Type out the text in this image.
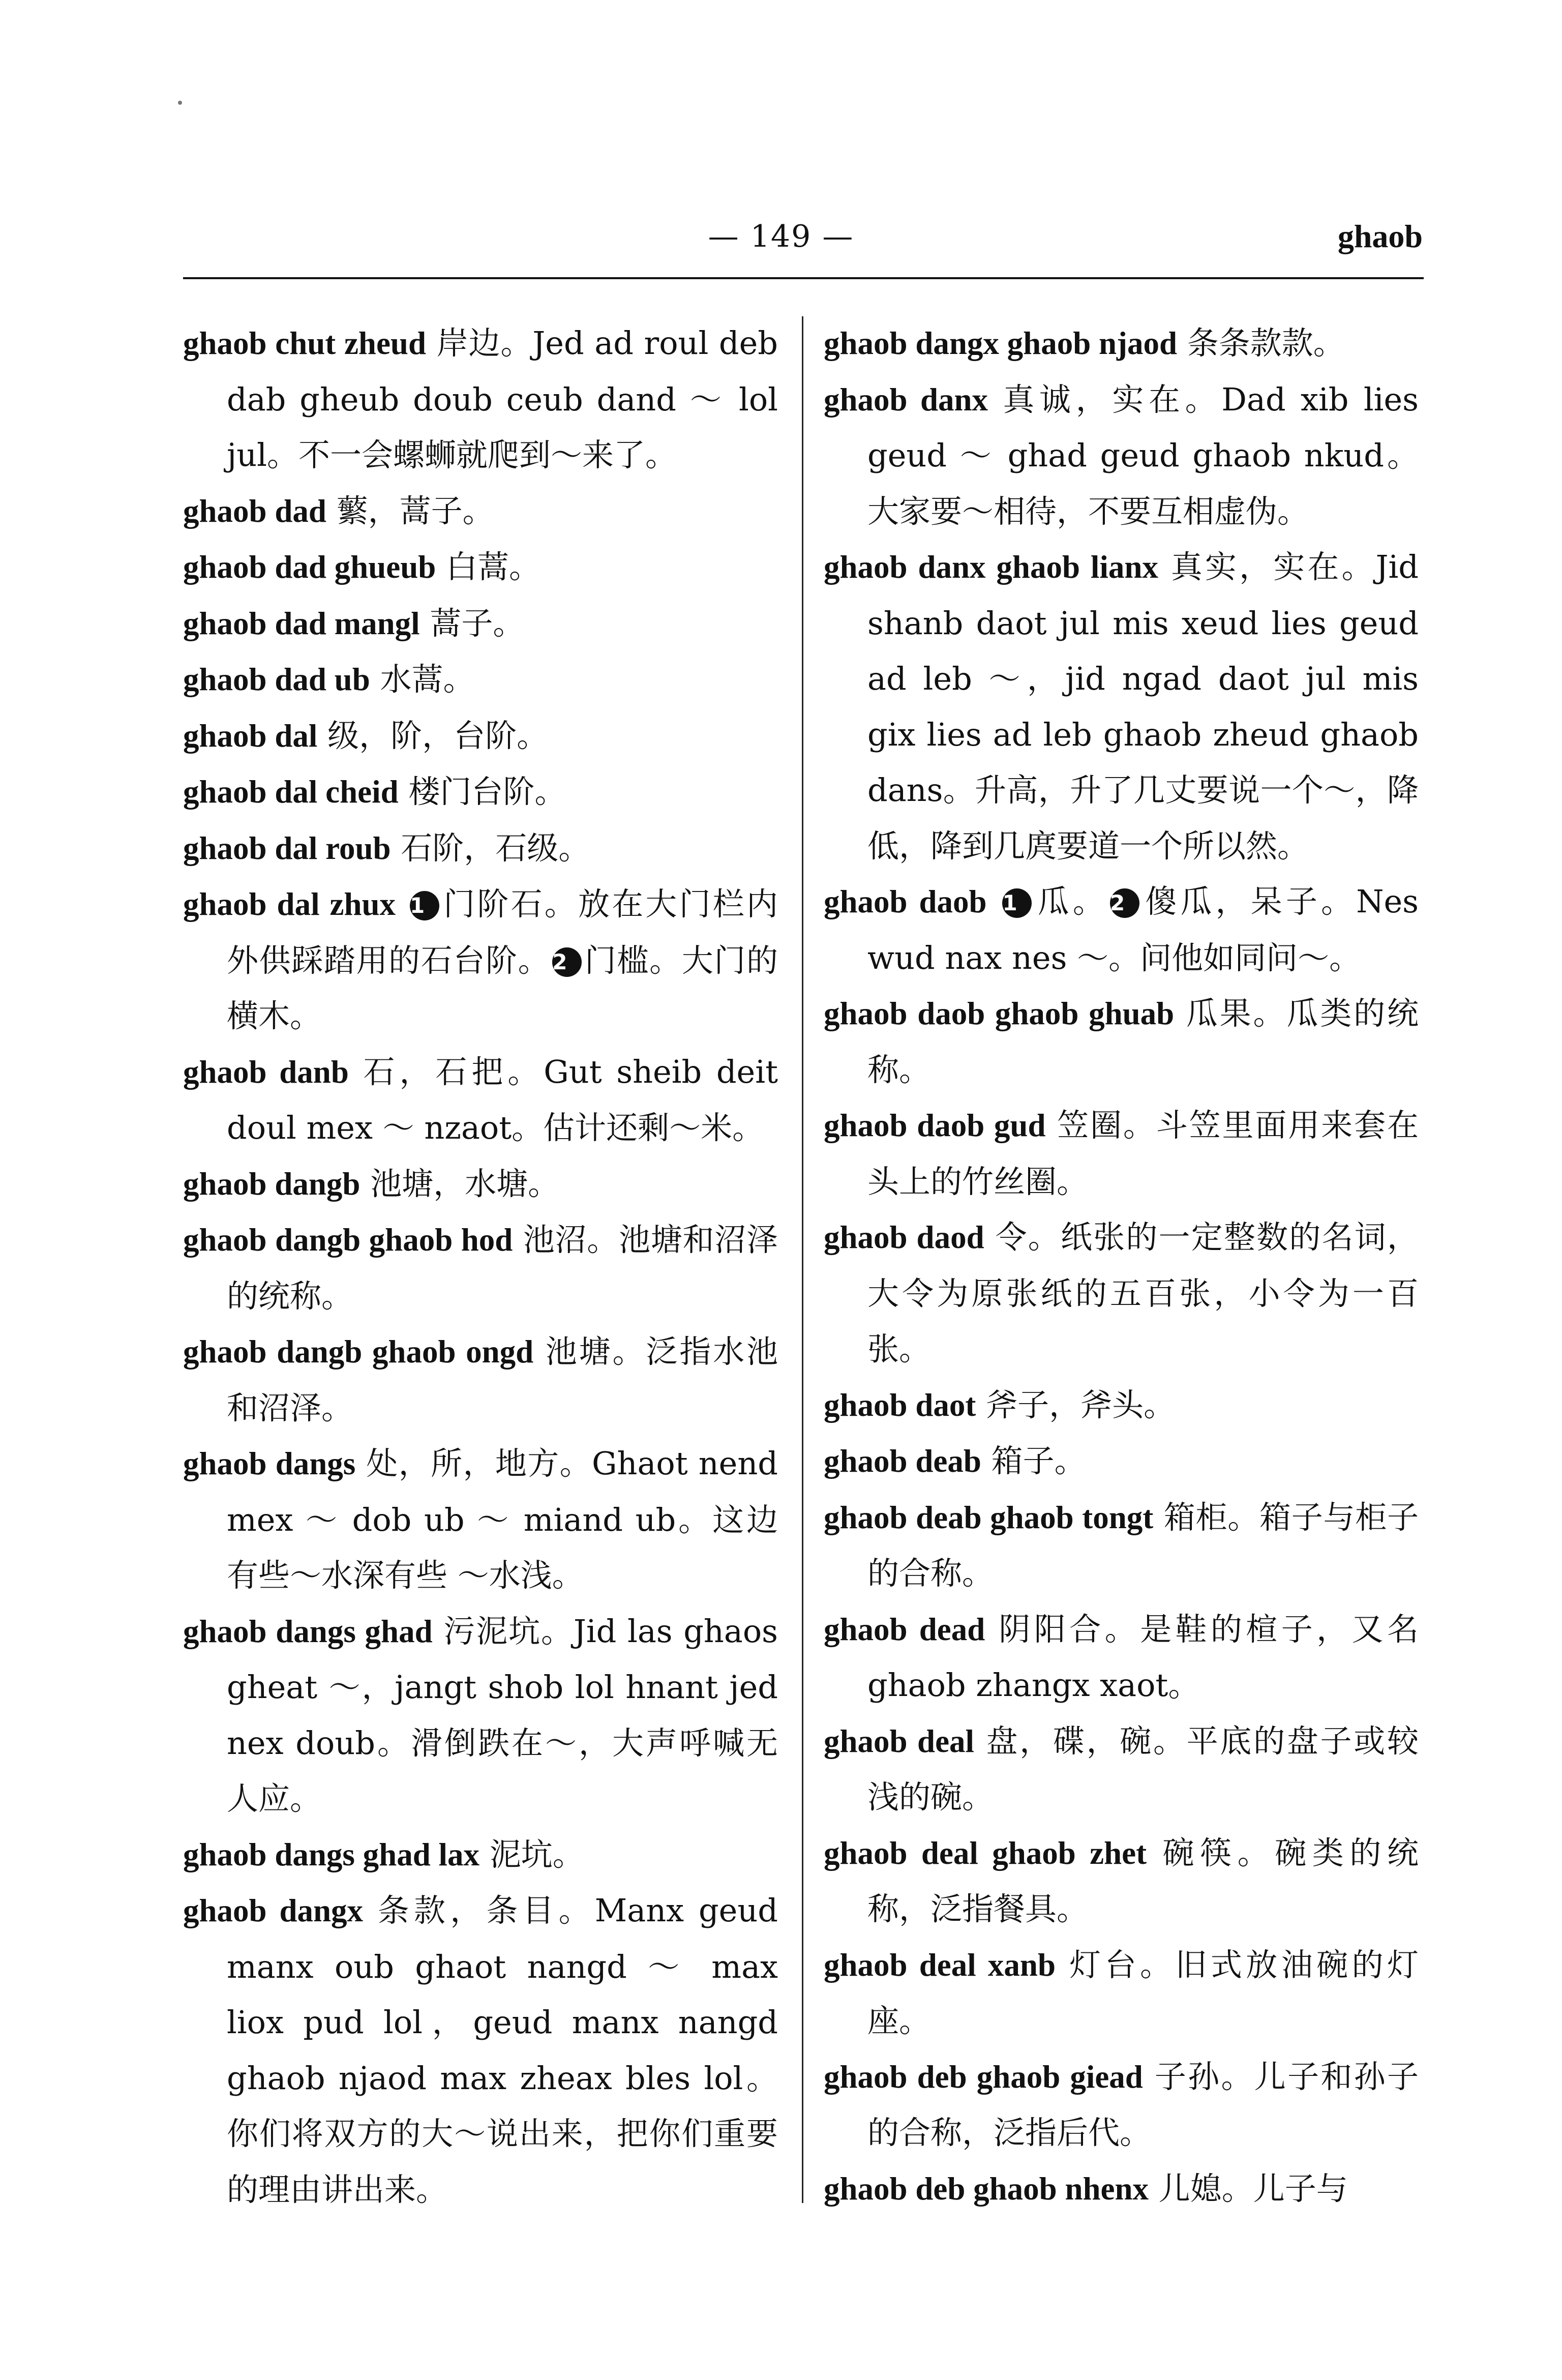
— 149 —	ghaob
ghaob chut zheud 岸边。Jed ad roul deb dab gheub doub ceub dand ～ lol jul。不一会螺蛳就爬到～来了。
ghaob dad 蘩，蒿子。
ghaob dad ghueub 白蒿。
ghaob dad mangl 蒿子。
ghaob dad ub 水蒿。
ghaob dal 级，阶，台阶。
ghaob dal cheid 楼门台阶。
ghaob dal roub 石阶，石级。
ghaob dal zhux 1 门阶石。放在大门栏内外供踩踏用的石台阶。2 门槛。大门的横木。
ghaob danb 石，石把。Gut sheib deit doul mex ～ nzaot。估计还剩～米。
ghaob dangb 池塘，水塘。
ghaob dangb ghaob hod 池沼。池塘和沼泽的统称。
ghaob dangb ghaob ongd 池塘。泛指水池和沼泽。
ghaob dangs 处，所，地方。Ghaot nend mex ～ dob ub ～ miand ub。这边有些～水深有些 ～水浅。
ghaob dangs ghad 污泥坑。Jid las ghaos gheat ～，jangt shob lol hnant jed nex doub。滑倒跌在～，大声呼喊无人应。
ghaob dangs ghad lax 泥坑。
ghaob dangx 条款，条目。Manx geud manx oub ghaot nangd ～ max liox pud lol，geud manx nangd ghaob njaod max zheax bles lol。你们将双方的大～说出来，把你们重要的理由讲出来。
ghaob dangx ghaob njaod 条条款款。
ghaob danx 真诚，实在。Dad xib lies geud ～ ghad geud ghaob nkud。大家要～相待，不要互相虚伪。
ghaob danx ghaob lianx 真实，实在。Jid shanb daot jul mis xeud lies geud ad leb ～，jid ngad daot jul mis gix lies ad leb ghaob zheud ghaob dans。升高，升了几丈要说一个～，降低，降到几庹要道一个所以然。
ghaob daob 1 瓜。2 傻瓜，呆子。Nes wud nax nes ～。问他如同问～。
ghaob daob ghaob ghuab 瓜果。瓜类的统称。
ghaob daob gud 笠圈。斗笠里面用来套在头上的竹丝圈。
ghaob daod 令。纸张的一定整数的名词，大令为原张纸的五百张，小令为一百张。
ghaob daot 斧子，斧头。
ghaob deab 箱子。
ghaob deab ghaob tongt 箱柜。箱子与柜子的合称。
ghaob dead 阴阳合。是鞋的楦子，又名 ghaob zhangx xaot。
ghaob deal 盘，碟，碗。平底的盘子或较浅的碗。
ghaob deal ghaob zhet 碗筷。碗类的统称，泛指餐具。
ghaob deal xanb 灯台。旧式放油碗的灯座。
ghaob deb ghaob giead 子孙。儿子和孙子的合称，泛指后代。
ghaob deb ghaob nhenx 儿媳。儿子与
